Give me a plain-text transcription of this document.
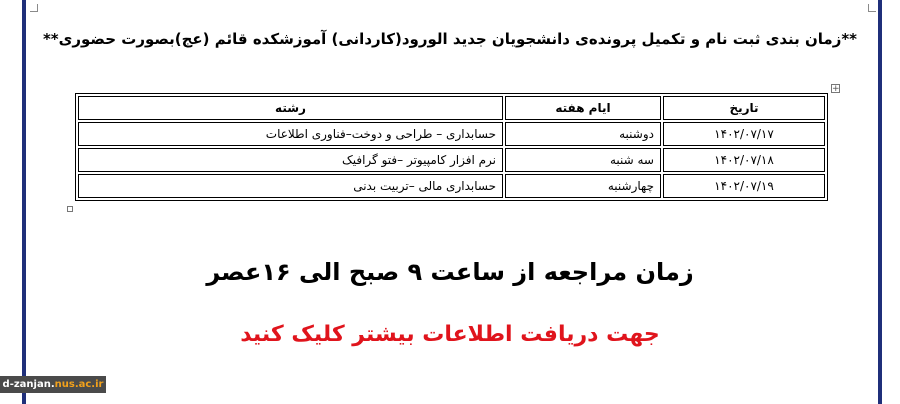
**زمان بندی ثبت نام و تکمیل پرونده‌ی دانشجویان جدید الورود(کاردانی) آموزشکده قائم (عج)بصورت حضوری**
+
تاریخ	ایام هفته	رشته
۱۴۰۲/۰۷/۱۷	دوشنبه	حسابداری – طراحی و دوخت–فناوری اطلاعات
۱۴۰۲/۰۷/۱۸	سه شنبه	نرم افزار کامپیوتر –فتو گرافیک
۱۴۰۲/۰۷/۱۹	چهارشنبه	حسابداری مالی –تربیت بدنی
زمان مراجعه از ساعت ۹ صبح الی ۱۶عصر
جهت دریافت اطلاعات بیشتر کلیک کنید
d-zanjan.nus.ac.ir
